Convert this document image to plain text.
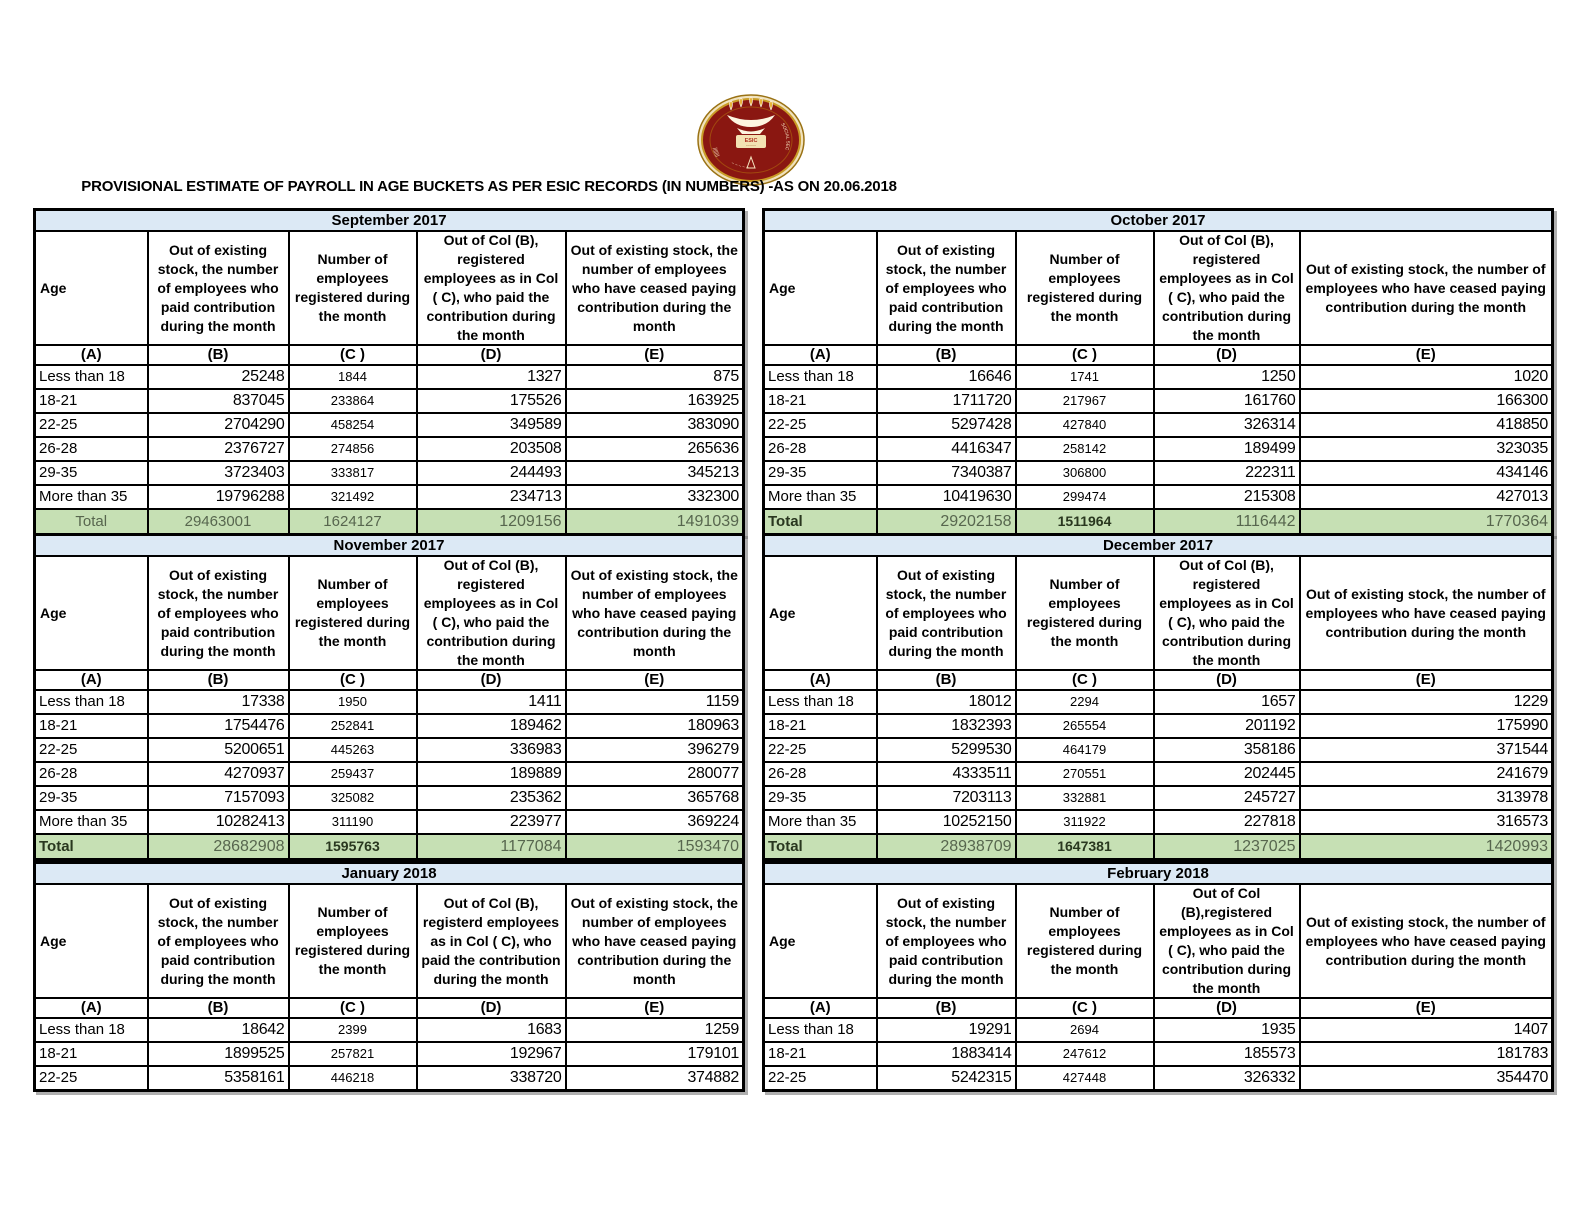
ESIC
~~~~~
|||||||
SOCIAL SEC
~ ~ ~ ~ ~
PROVISIONAL ESTIMATE OF PAYROLL IN AGE BUCKETS AS PER ESIC RECORDS (IN NUMBERS) -AS ON 20.06.2018
September 2017				

Age	Out of existing stock, the number of employees who paid contribution during the month	Number of employees registered during the month	Out of Col (B), registered employees as in Col ( C), who paid the contribution during the month	Out of existing stock, the number of employees who have ceased paying contribution during the month

(A)	(B)	(C )	(D)	(E)
Less than 18	25248	1844	1327	875
18-21	837045	233864	175526	163925
22-25	2704290	458254	349589	383090
26-28	2376727	274856	203508	265636
29-35	3723403	333817	244493	345213
More than 35	19796288	321492	234713	332300
Total	29463001	1624127	1209156	1491039
October 2017				

Age	Out of existing stock, the number of employees who paid contribution during the month	Number of employees registered during the month	Out of Col (B), registered employees as in Col ( C), who paid the contribution during the month	Out of existing stock, the number of employees who have ceased paying contribution during the month

(A)	(B)	(C )	(D)	(E)
Less than 18	16646	1741	1250	1020
18-21	1711720	217967	161760	166300
22-25	5297428	427840	326314	418850
26-28	4416347	258142	189499	323035
29-35	7340387	306800	222311	434146
More than 35	10419630	299474	215308	427013
Total	29202158	1511964	1116442	1770364
November 2017				

Age	Out of existing stock, the number of employees who paid contribution during the month	Number of employees registered during the month	Out of Col (B), registered employees as in Col ( C), who paid the contribution during the month	Out of existing stock, the number of employees who have ceased paying contribution during the month

(A)	(B)	(C )	(D)	(E)
Less than 18	17338	1950	1411	1159
18-21	1754476	252841	189462	180963
22-25	5200651	445263	336983	396279
26-28	4270937	259437	189889	280077
29-35	7157093	325082	235362	365768
More than 35	10282413	311190	223977	369224
Total	28682908	1595763	1177084	1593470
December 2017				

Age	Out of existing stock, the number of employees who paid contribution during the month	Number of employees registered during the month	Out of Col (B), registered employees as in Col ( C), who paid the contribution during the month	Out of existing stock, the number of employees who have ceased paying contribution during the month

(A)	(B)	(C )	(D)	(E)
Less than 18	18012	2294	1657	1229
18-21	1832393	265554	201192	175990
22-25	5299530	464179	358186	371544
26-28	4333511	270551	202445	241679
29-35	7203113	332881	245727	313978
More than 35	10252150	311922	227818	316573
Total	28938709	1647381	1237025	1420993
January 2018				

Age	Out of existing stock, the number of employees who paid contribution during the month	Number of employees registered during the month	Out of Col (B), registerd employees as in Col ( C), who paid the contribution during the month	Out of existing stock, the number of employees who have ceased paying contribution during the month

(A)	(B)	(C )	(D)	(E)
Less than 18	18642	2399	1683	1259
18-21	1899525	257821	192967	179101
22-25	5358161	446218	338720	374882
February 2018				

Age	Out of existing stock, the number of employees who paid contribution during the month	Number of employees registered during the month	Out of Col (B),registered employees as in Col ( C), who paid the contribution during the month	Out of existing stock, the number of employees who have ceased paying contribution during the month

(A)	(B)	(C )	(D)	(E)
Less than 18	19291	2694	1935	1407
18-21	1883414	247612	185573	181783
22-25	5242315	427448	326332	354470
